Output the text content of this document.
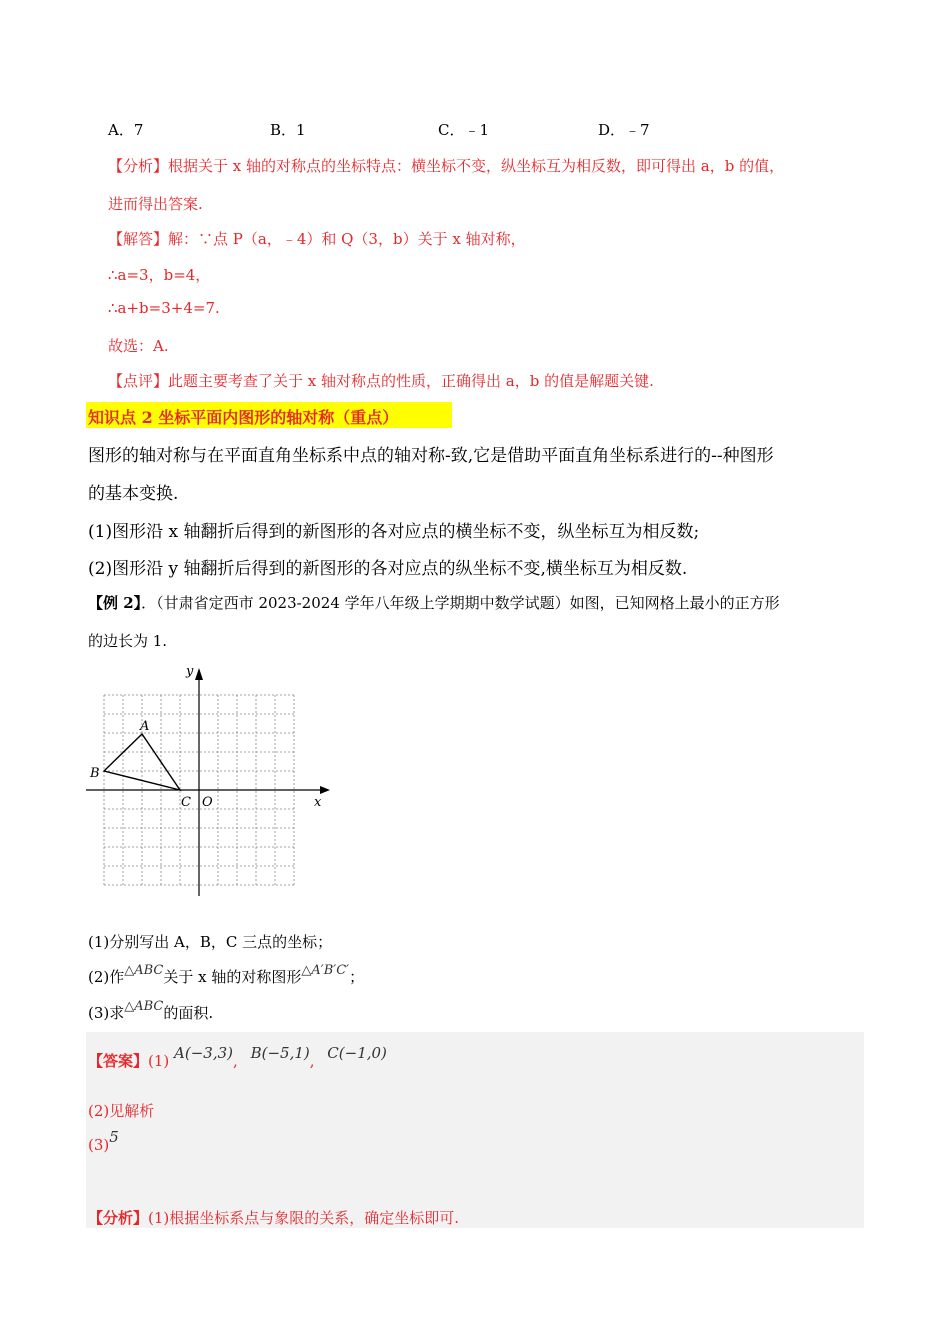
A．7	B．1	C．﹣1	D．﹣7
【分析】根据关于 x 轴的对称点的坐标特点：横坐标不变，纵坐标互为相反数，即可得出 a，b 的值，
进而得出答案.
【解答】解：∵点 P（a，﹣4）和 Q（3，b）关于 x 轴对称，
∴a=3，b=4，
∴a+b=3+4=7.
故选：A.
【点评】此题主要考查了关于 x 轴对称点的性质，正确得出 a，b 的值是解题关键.
知识点 2 坐标平面内图形的轴对称（重点）
图形的轴对称与在平面直角坐标系中点的轴对称-致,它是借助平面直角坐标系进行的--种图形
的基本变换.
(1)图形沿 x 轴翻折后得到的新图形的各对应点的横坐标不变，纵坐标互为相反数;
(2)图形沿 y 轴翻折后得到的新图形的各对应点的纵坐标不变,横坐标互为相反数.
【例 2】．（甘肃省定西市 2023-2024 学年八年级上学期期中数学试题）如图，已知网格上最小的正方形
的边长为 1.
x
y
O
A
B
C
(1)分别写出 A，B，C 三点的坐标；
(2)作△ABC关于 x 轴的对称图形△A′B′C′；
(3)求△ABC的面积.
【答案】(1) A(−3,3), B(−5,1), C(−1,0)
(2)见解析
(3)5
【分析】(1)根据坐标系点与象限的关系，确定坐标即可.
